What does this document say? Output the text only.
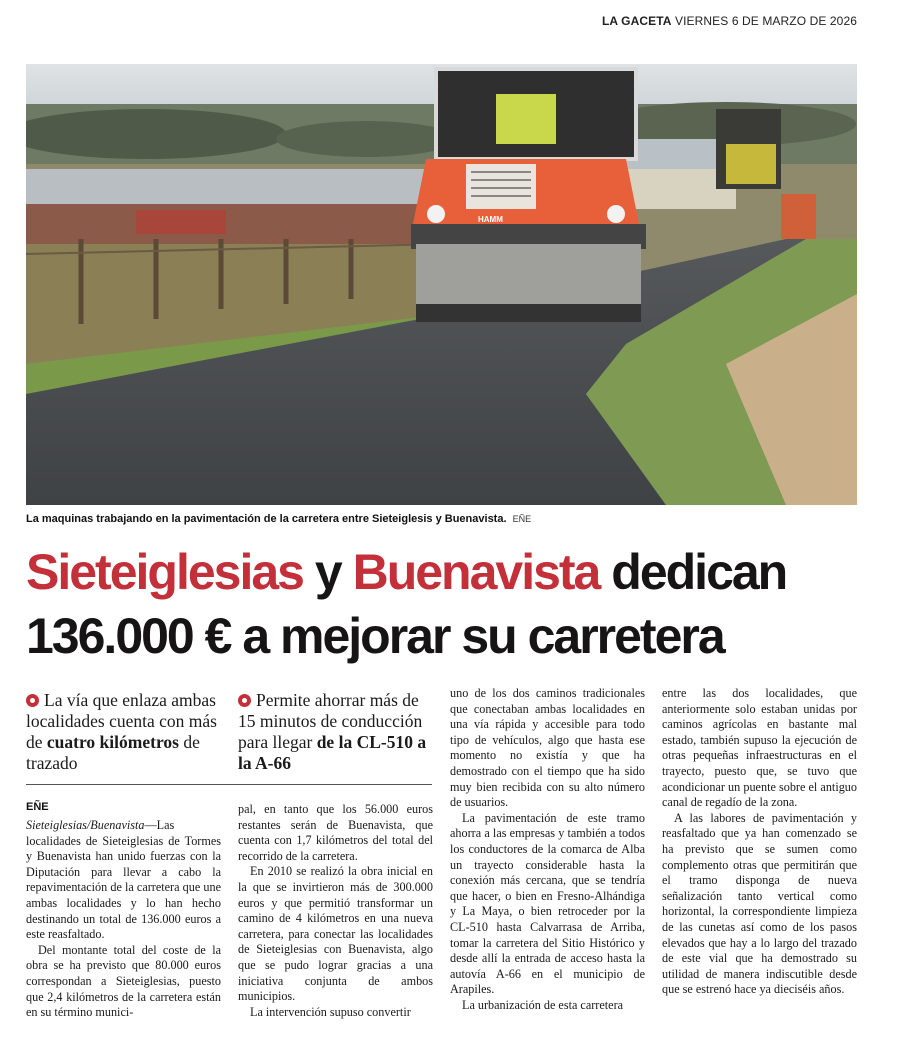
LA GACETA VIERNES 6 DE MARZO DE 2026
HAMM
La maquinas trabajando en la pavimentación de la carretera entre Sieteiglesis y Buenavista. EÑE
Sieteiglesias y Buenavista dedican
136.000 € a mejorar su carretera
La vía que enlaza ambas localidades cuenta con más de cuatro kilómetros de trazado
Permite ahorrar más de 15 minutos de conducción para llegar de la CL-510 a la A-66
EÑE

Sieteiglesias/Buenavista—Las localidades de Sieteiglesias de Tormes y Buenavista han unido fuerzas con la Diputación para llevar a cabo la repavimentación de la carretera que une ambas localidades y lo han hecho destinando un total de 136.000 euros a este reasfaltado.

Del montante total del coste de la obra se ha previsto que 80.000 euros correspondan a Sieteiglesias, puesto que 2,4 kilómetros de la carretera están en su término munici-

pal, en tanto que los 56.000 euros restantes serán de Buenavista, que cuenta con 1,7 kilómetros del total del recorrido de la carretera.

En 2010 se realizó la obra inicial en la que se invirtieron más de 300.000 euros y que permitió transformar un camino de 4 kilómetros en una nueva carretera, para conectar las localidades de Sieteiglesias con Buenavista, algo que se pudo lograr gracias a una iniciativa conjunta de ambos municipios.

La intervención supuso convertir

uno de los dos caminos tradicionales que conectaban ambas localidades en una vía rápida y accesible para todo tipo de vehículos, algo que hasta ese momento no existía y que ha demostrado con el tiempo que ha sido muy bien recibida con su alto número de usuarios.

La pavimentación de este tramo ahorra a las empresas y también a todos los conductores de la comarca de Alba un trayecto considerable hasta la conexión más cercana, que se tendría que hacer, o bien en Fresno-Alhándiga y La Maya, o bien retroceder por la CL-510 hasta Calvarrasa de Arriba, tomar la carretera del Sitio Histórico y desde allí la entrada de acceso hasta la autovía A-66 en el municipio de Arapiles.

La urbanización de esta carretera

entre las dos localidades, que anteriormente solo estaban unidas por caminos agrícolas en bastante mal estado, también supuso la ejecución de otras pequeñas infraestructuras en el trayecto, puesto que, se tuvo que acondicionar un puente sobre el antiguo canal de regadío de la zona.

A las labores de pavimentación y reasfaltado que ya han comenzado se ha previsto que se sumen como complemento otras que permitirán que el tramo disponga de nueva señalización tanto vertical como horizontal, la correspondiente limpieza de las cunetas así como de los pasos elevados que hay a lo largo del trazado de este vial que ha demostrado su utilidad de manera indiscutible desde que se estrenó hace ya dieciséis años.
